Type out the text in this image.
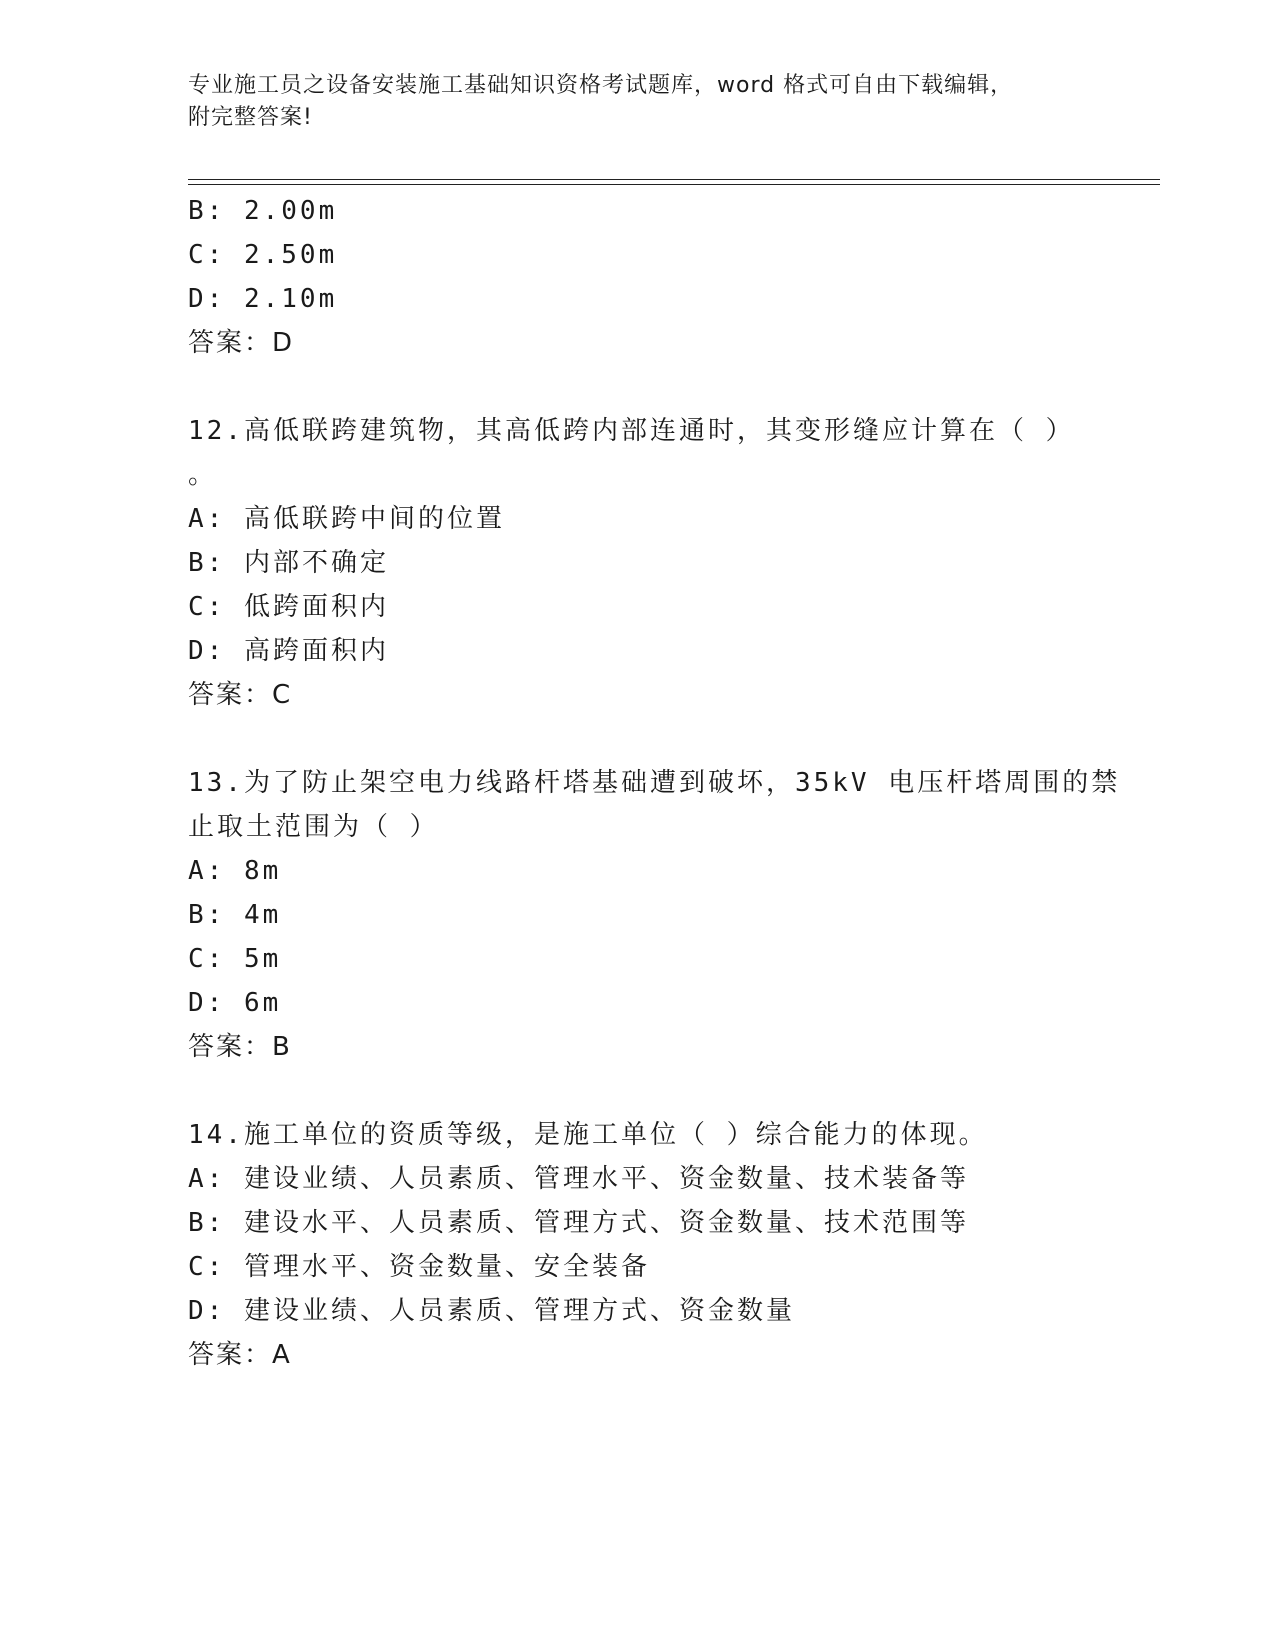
专业施工员之设备安装施工基础知识资格考试题库，word 格式可自由下载编辑，
附完整答案!
B: 2.00m
C: 2.50m
D: 2.10m
答案：D
12.高低联跨建筑物，其高低跨内部连通时，其变形缝应计算在（ ）
。
A: 高低联跨中间的位置
B: 内部不确定
C: 低跨面积内
D: 高跨面积内
答案：C
13.为了防止架空电力线路杆塔基础遭到破坏，35kV 电压杆塔周围的禁
止取土范围为（ ）
A: 8m
B: 4m
C: 5m
D: 6m
答案：B
14.施工单位的资质等级，是施工单位（ ）综合能力的体现。
A: 建设业绩、人员素质、管理水平、资金数量、技术装备等
B: 建设水平、人员素质、管理方式、资金数量、技术范围等
C: 管理水平、资金数量、安全装备
D: 建设业绩、人员素质、管理方式、资金数量
答案：A
